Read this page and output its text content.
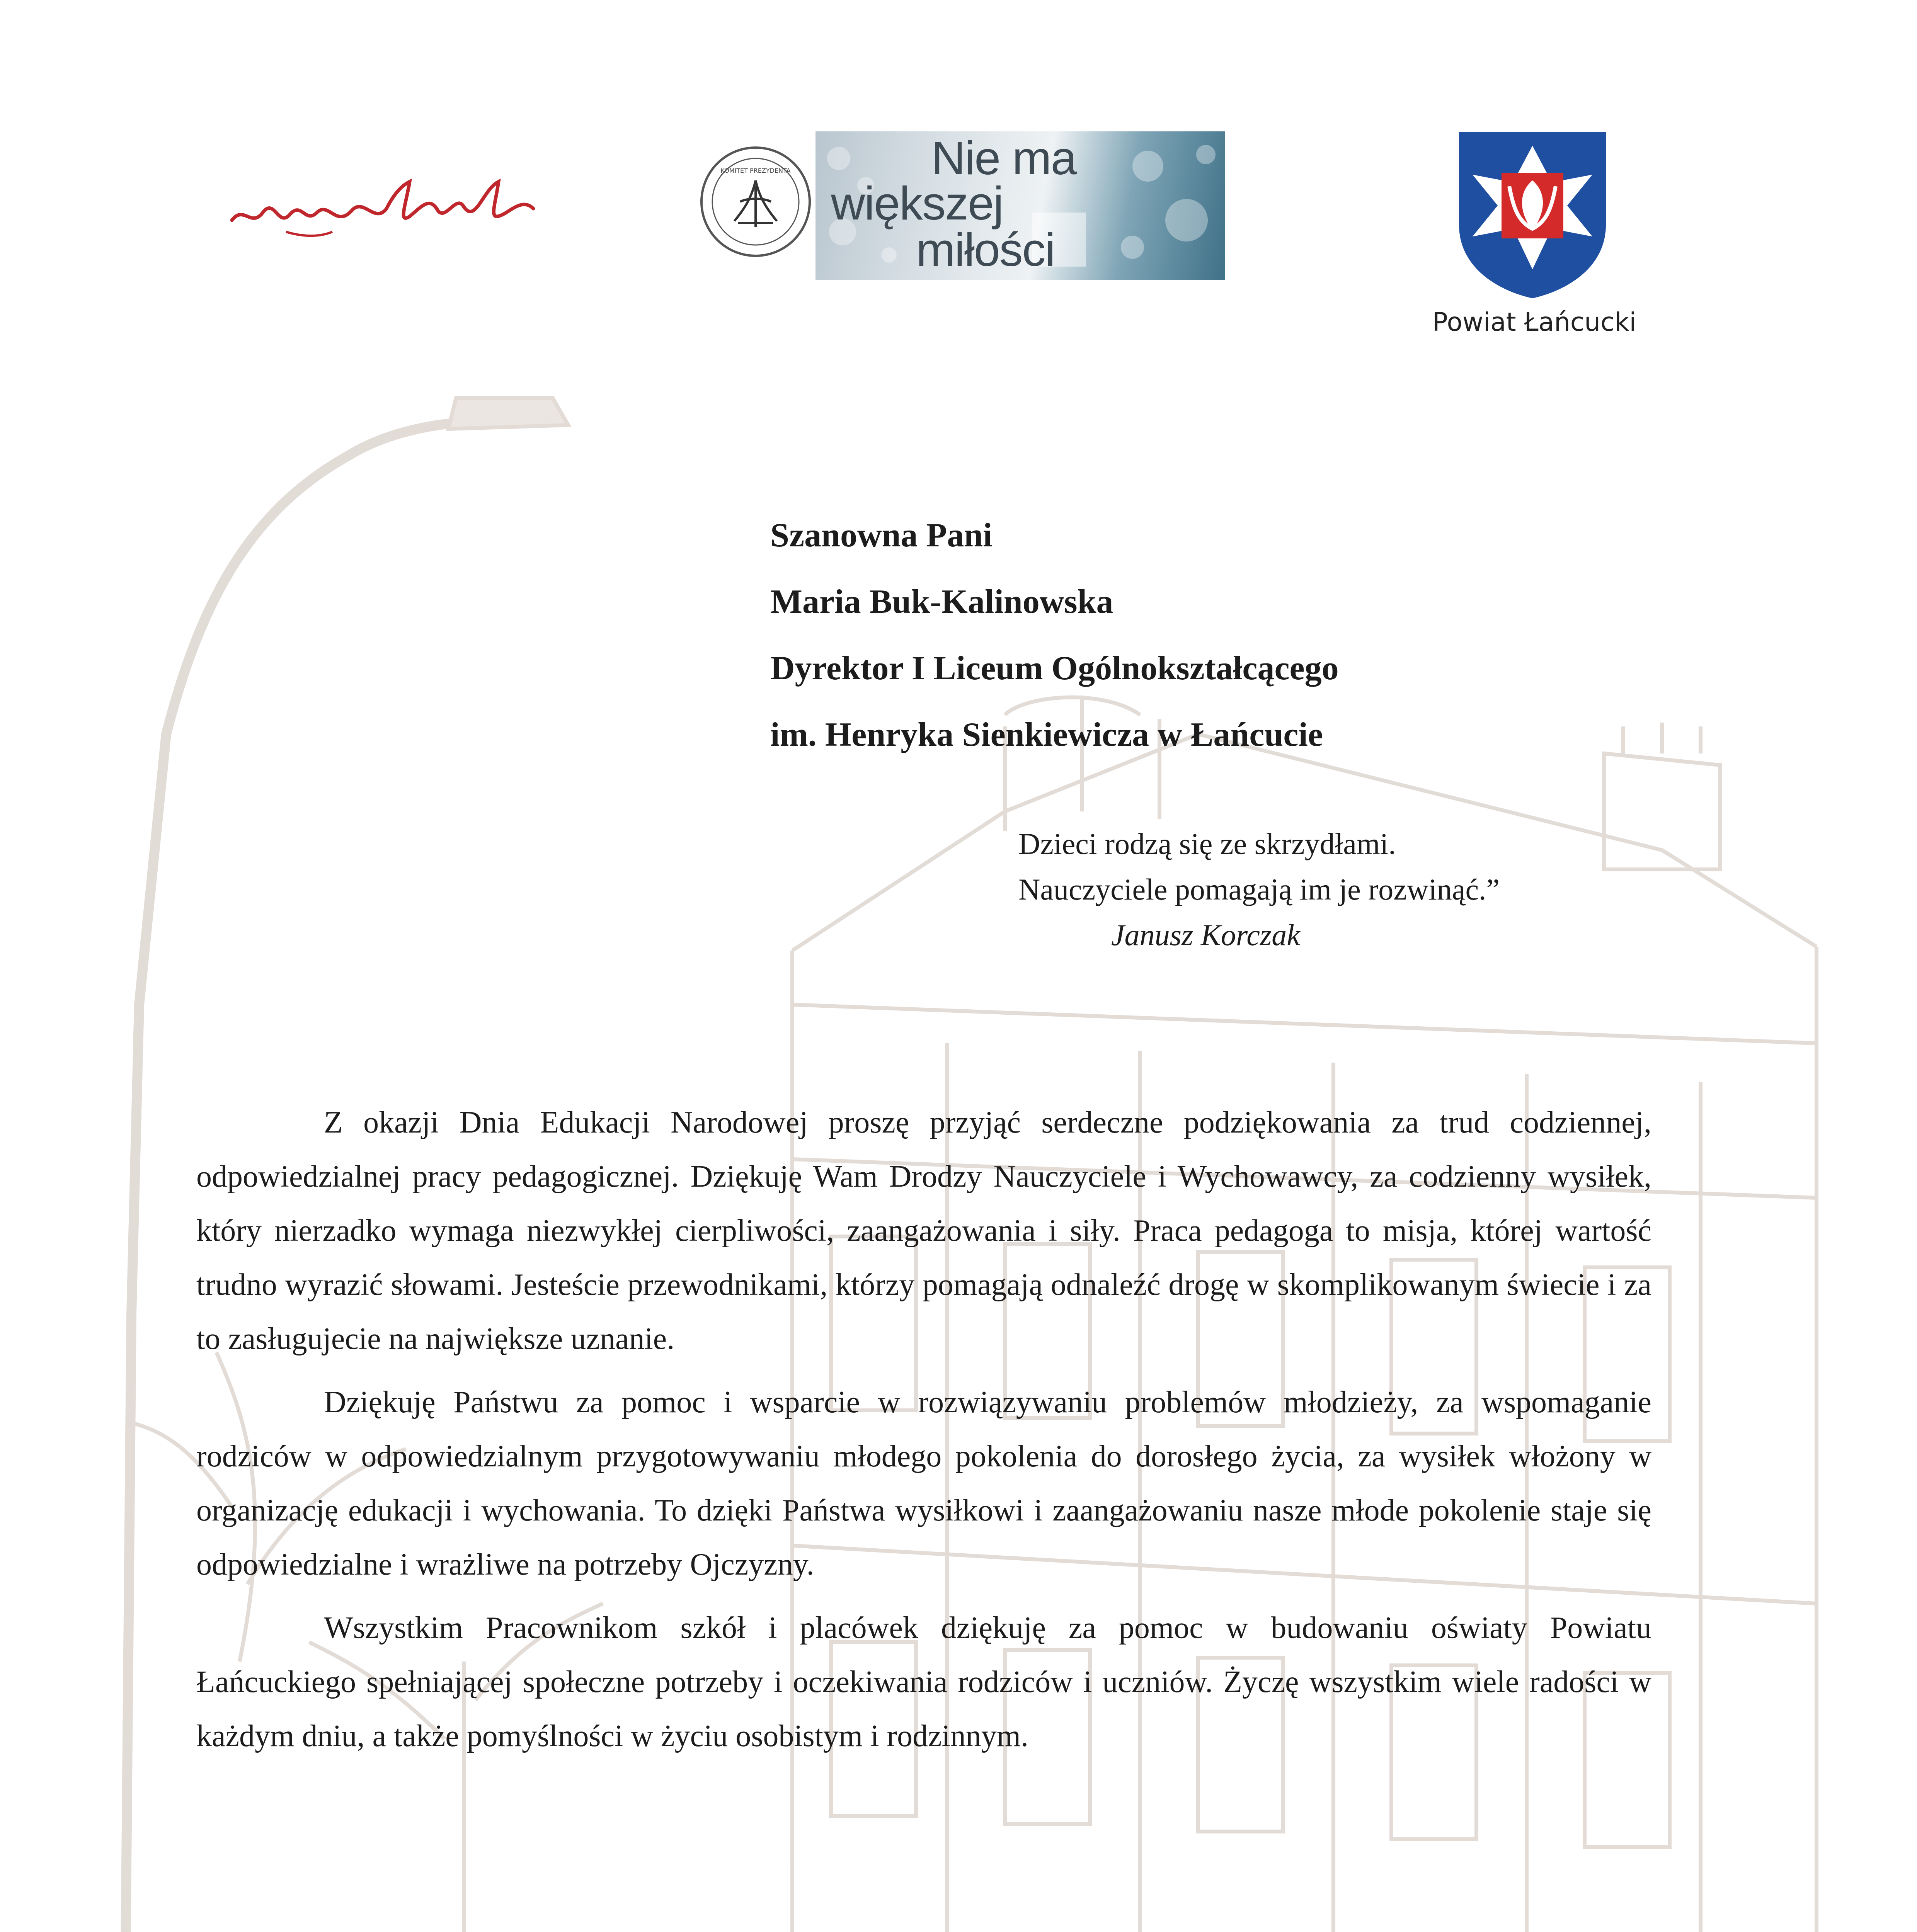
KOMITET PREZYDENTA	Nie ma
większej
miłości
Powiat Łańcucki
Szanowna Pani
Maria Buk-Kalinowska
Dyrektor I Liceum Ogólnokształcącego
im. Henryka Sienkiewicza w Łańcucie
Dzieci rodzą się ze skrzydłami.
Nauczyciele pomagają im je rozwinąć.”
Janusz Korczak

Z okazji Dnia Edukacji Narodowej proszę przyjąć serdeczne podziękowania za trud codziennej, odpowiedzialnej pracy pedagogicznej. Dziękuję Wam Drodzy Nauczyciele i Wychowawcy, za codzienny wysiłek, który nierzadko wymaga niezwykłej cierpliwości, zaangażowania i siły. Praca pedagoga to misja, której wartość trudno wyrazić słowami. Jesteście przewodnikami, którzy pomagają odnaleźć drogę w skomplikowanym świecie i za to zasługujecie na największe uznanie.

Dziękuję Państwu za pomoc i wsparcie w rozwiązywaniu problemów młodzieży, za wspomaganie rodziców w odpowiedzialnym przygotowywaniu młodego pokolenia do dorosłego życia, za wysiłek włożony w organizację edukacji i wychowania. To dzięki Państwa wysiłkowi i zaangażowaniu nasze młode pokolenie staje się odpowiedzialne i wrażliwe na potrzeby Ojczyzny.

Wszystkim Pracownikom szkół i placówek dziękuję za pomoc w budowaniu oświaty Powiatu Łańcuckiego spełniającej społeczne potrzeby i oczekiwania rodziców i uczniów. Życzę wszystkim wiele radości w każdym dniu, a także pomyślności w życiu osobistym i rodzinnym.
